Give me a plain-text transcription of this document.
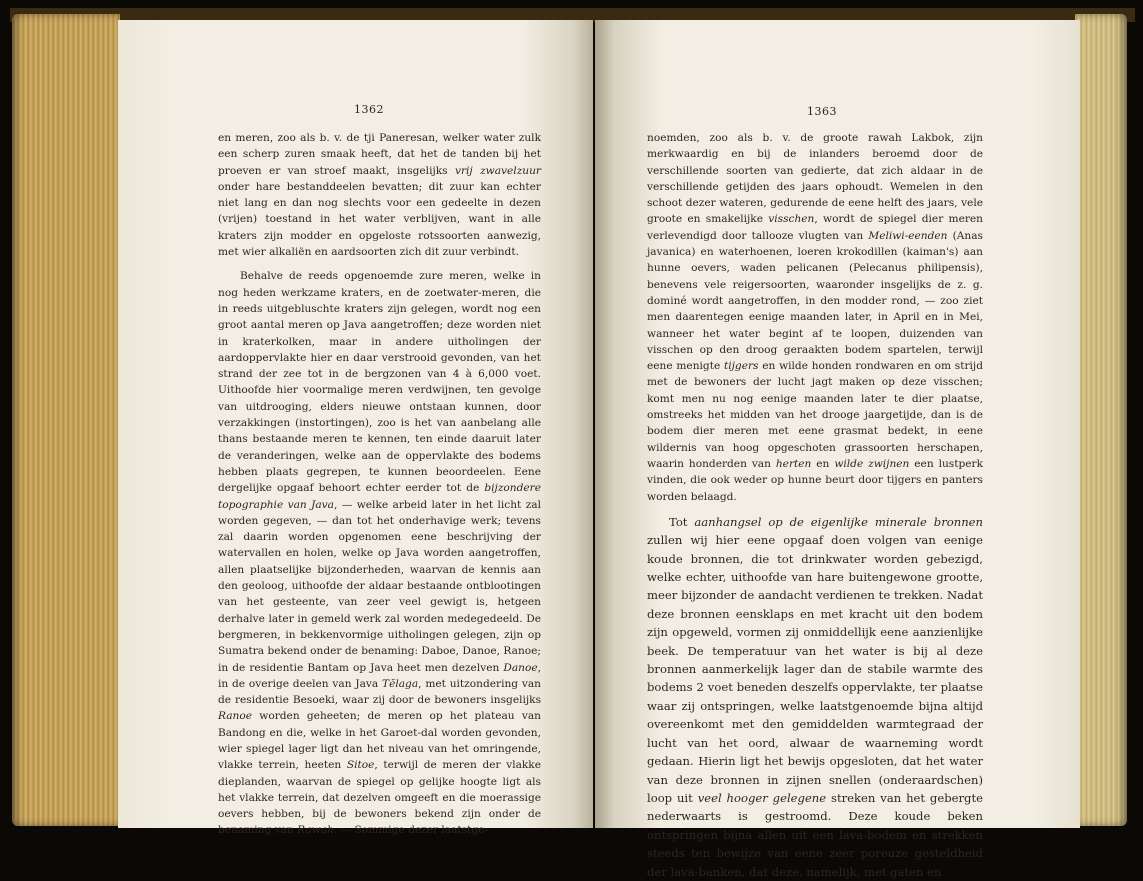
1362

en meren, zoo als b. v. de tji Paneresan, welker water zulk een scherp zuren smaak heeft, dat het de tanden bij het proeven er van stroef maakt, insgelijks vrij zwavelzuur onder hare bestanddeelen bevatten; dit zuur kan echter niet lang en dan nog slechts voor een gedeelte in dezen (vrijen) toestand in het water verblijven, want in alle kraters zijn modder en opgeloste rotssoorten aanwezig, met wier alkaliën en aardsoorten zich dit zuur verbindt.

Behalve de reeds opgenoemde zure meren, welke in nog heden werkzame kraters, en de zoetwater-meren, die in reeds uitgebluschte kraters zijn gelegen, wordt nog een groot aantal meren op Java aangetroffen; deze worden niet in kraterkolken, maar in andere uitholingen der aardoppervlakte hier en daar verstrooid gevonden, van het strand der zee tot in de bergzonen van 4 à 6,000 voet. Uithoofde hier voormalige meren verdwijnen, ten gevolge van uitdrooging, elders nieuwe ontstaan kunnen, door verzakkingen (instortingen), zoo is het van aanbelang alle thans bestaande meren te kennen, ten einde daaruit later de veranderingen, welke aan de oppervlakte des bodems hebben plaats gegrepen, te kunnen beoordeelen. Eene dergelijke opgaaf behoort echter eerder tot de bijzondere topographie van Java, — welke arbeid later in het licht zal worden gegeven, — dan tot het onderhavige werk; tevens zal daarin worden opgenomen eene beschrijving der watervallen en holen, welke op Java worden aangetroffen, allen plaatselijke bijzonderheden, waarvan de kennis aan den geoloog, uithoofde der aldaar bestaande ontblootingen van het gesteente, van zeer veel gewigt is, hetgeen derhalve later in gemeld werk zal worden medegedeeld. De bergmeren, in bekkenvormige uitholingen gelegen, zijn op Sumatra bekend onder de benaming: Daboe, Danoe, Ranoe; in de residentie Bantam op Java heet men dezelven Danoe, in de overige deelen van Java Tĕlaga, met uitzondering van de residentie Besoeki, waar zij door de bewoners insgelijks Ranoe worden geheeten; de meren op het plateau van Bandong en die, welke in het Garoet-dal worden gevonden, wier spiegel lager ligt dan het niveau van het omringende, vlakke terrein, heeten Sitoe, terwijl de meren der vlakke dieplanden, waarvan de spiegel op gelijke hoogte ligt als het vlakke terrein, dat dezelven omgeeft en die moerassige oevers hebben, bij de bewoners bekend zijn onder de benaming van Rawah. — Sommige dezer laatstge-

1363

noemden, zoo als b. v. de groote rawah Lakbok, zijn merkwaardig en bij de inlanders beroemd door de verschillende soorten van gedierte, dat zich aldaar in de verschillende getijden des jaars ophoudt. Wemelen in den schoot dezer wateren, gedurende de eene helft des jaars, vele groote en smakelijke visschen, wordt de spiegel dier meren verlevendigd door tallooze vlugten van Meliwi-eenden (Anas javanica) en waterhoenen, loeren krokodillen (kaiman's) aan hunne oevers, waden pelicanen (Pelecanus philipensis), benevens vele reigersoorten, waaronder insgelijks de z. g. dominé wordt aangetroffen, in den modder rond, — zoo ziet men daarentegen eenige maanden later, in April en in Mei, wanneer het water begint af te loopen, duizenden van visschen op den droog geraakten bodem spartelen, terwijl eene menigte tijgers en wilde honden rondwaren en om strijd met de bewoners der lucht jagt maken op deze visschen; komt men nu nog eenige maanden later te dier plaatse, omstreeks het midden van het drooge jaargetijde, dan is de bodem dier meren met eene grasmat bedekt, in eene wildernis van hoog opgeschoten grassoorten herschapen, waarin honderden van herten en wilde zwijnen een lustperk vinden, die ook weder op hunne beurt door tijgers en panters worden belaagd.

Tot aanhangsel op de eigenlijke minerale bronnen zullen wij hier eene opgaaf doen volgen van eenige koude bronnen, die tot drinkwater worden gebezigd, welke echter, uithoofde van hare buitengewone grootte, meer bijzonder de aandacht verdienen te trekken. Nadat deze bronnen eensklaps en met kracht uit den bodem zijn opgeweld, vormen zij onmiddellijk eene aanzienlijke beek. De temperatuur van het water is bij al deze bronnen aanmerkelijk lager dan de stabile warmte des bodems 2 voet beneden deszelfs oppervlakte, ter plaatse waar zij ontspringen, welke laatstgenoemde bijna altijd overeenkomt met den gemiddelden warmtegraad der lucht van het oord, alwaar de waarneming wordt gedaan. Hierin ligt het bewijs opgesloten, dat het water van deze bronnen in zijnen snellen (onderaardschen) loop uit veel hooger gelegene streken van het gebergte nederwaarts is gestroomd. Deze koude beken ontspringen bijna allen uit een lava-bodem en strekken steeds ten bewijze van eene zeer poreuze gesteldheid der lava-banken, dat deze, namelijk, met gaten en
